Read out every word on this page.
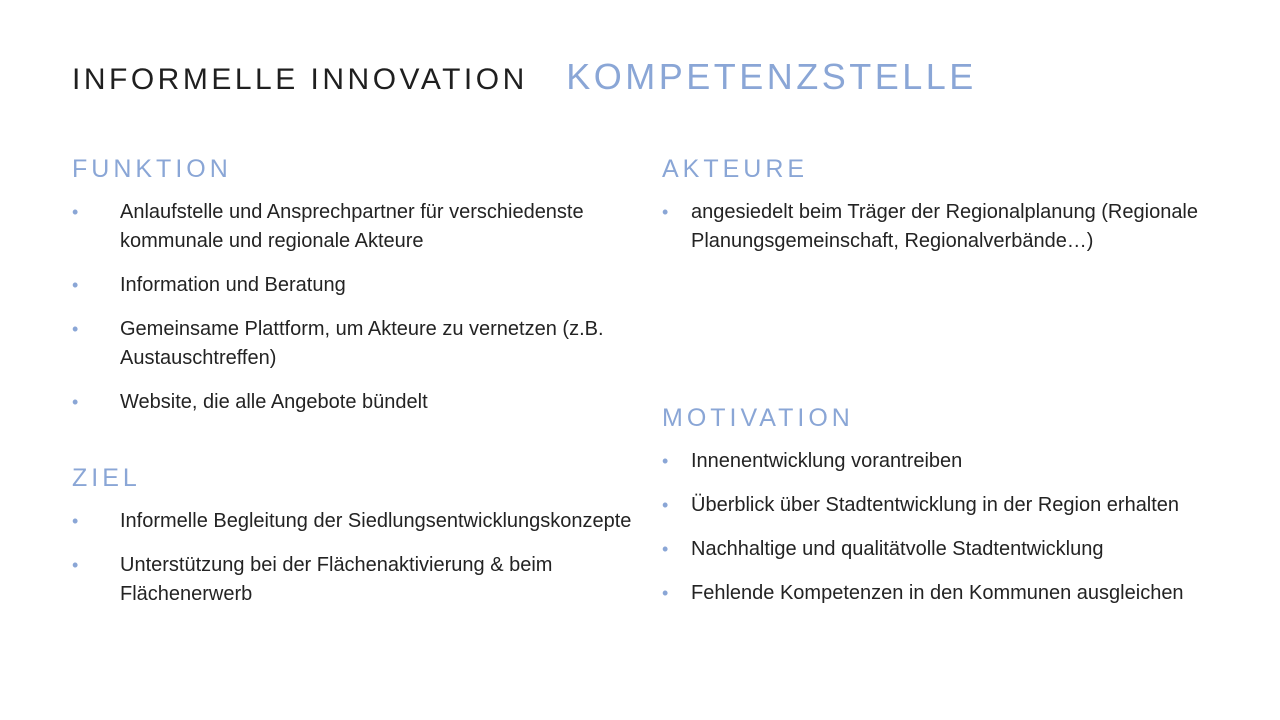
INFORMELLE INNOVATION KOMPETENZSTELLE
FUNKTION
•	Anlaufstelle und Ansprechpartner für verschiedenste kommunale und regionale Akteure
•	Information und Beratung
•	Gemeinsame Plattform, um Akteure zu vernetzen (z.B. Austauschtreffen)
•	Website, die alle Angebote bündelt
ZIEL
•	Informelle Begleitung der Siedlungsentwicklungskonzepte
•	Unterstützung bei der Flächenaktivierung & beim Flächenerwerb
AKTEURE
•	angesiedelt beim Träger der Regionalplanung (Regionale Planungsgemeinschaft, Regionalverbände…)
MOTIVATION
•	Innenentwicklung vorantreiben
•	Überblick über Stadtentwicklung in der Region erhalten
•	Nachhaltige und qualitätvolle Stadtentwicklung
•	Fehlende Kompetenzen in den Kommunen ausgleichen
